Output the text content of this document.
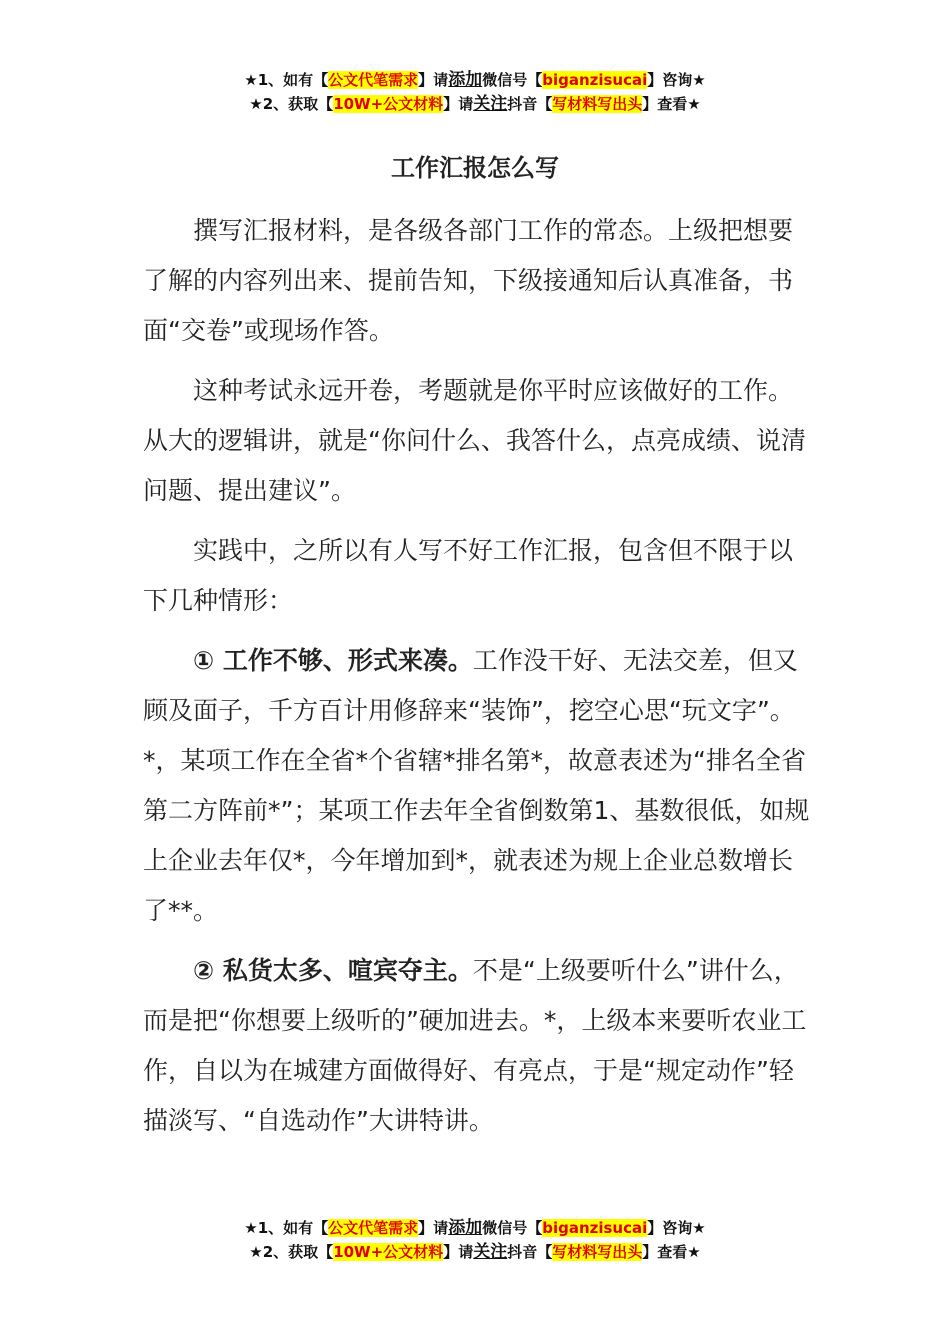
★1、如有【公文代笔需求】请添加微信号【biganzisucai】咨询★
★2、获取【10W+公文材料】请关注抖音【写材料写出头】查看★
工作汇报怎么写

撰写汇报材料，是各级各部门工作的常态。上级把想要了解的内容列出来、提前告知，下级接通知后认真准备，书面“交卷”或现场作答。

这种考试永远开卷，考题就是你平时应该做好的工作。从大的逻辑讲，就是“你问什么、我答什么，点亮成绩、说清问题、提出建议”。

实践中，之所以有人写不好工作汇报，包含但不限于以下几种情形：

① 工作不够、形式来凑。工作没干好、无法交差，但又顾及面子，千方百计用修辞来“装饰”，挖空心思“玩文字”。*，某项工作在全省*个省辖*排名第*，故意表述为“排名全省第二方阵前*”；某项工作去年全省倒数第1、基数很低，如规上企业去年仅*，今年增加到*，就表述为规上企业总数增长了**。

② 私货太多、喧宾夺主。不是“上级要听什么”讲什么，而是把“你想要上级听的”硬加进去。*，上级本来要听农业工作，自以为在城建方面做得好、有亮点，于是“规定动作”轻描淡写、“自选动作”大讲特讲。

★1、如有【公文代笔需求】请添加微信号【biganzisucai】咨询★
★2、获取【10W+公文材料】请关注抖音【写材料写出头】查看★
